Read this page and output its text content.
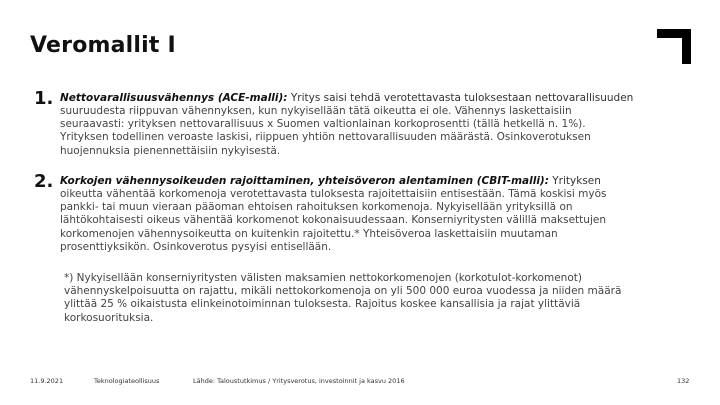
Veromallit I
1. Nettovarallisuusvähennys (ACE-malli): Yritys saisi tehdä verotettavasta tuloksestaan nettovarallisuuden
suuruudesta riippuvan vähennyksen, kun nykyisellään tätä oikeutta ei ole. Vähennys laskettaisiin
seuraavasti: yrityksen nettovarallisuus x Suomen valtionlainan korkoprosentti (tällä hetkellä n. 1%).
Yrityksen todellinen veroaste laskisi, riippuen yhtiön nettovarallisuuden määrästä. Osinkoverotuksen
huojennuksia pienennettäisiin nykyisestä.
2. Korkojen vähennysoikeuden rajoittaminen, yhteisöveron alentaminen (CBIT-malli): Yrityksen
oikeutta vähentää korkomenoja verotettavasta tuloksesta rajoitettaisiin entisestään. Tämä koskisi myös
pankki- tai muun vieraan pääoman ehtoisen rahoituksen korkomenoja. Nykyisellään yrityksillä on
lähtökohtaisesti oikeus vähentää korkomenot kokonaisuudessaan. Konserniyritysten välillä maksettujen
korkomenojen vähennysoikeutta on kuitenkin rajoitettu.* Yhteisöveroa laskettaisiin muutaman
prosenttiyksikön. Osinkoverotus pysyisi entisellään.
*) Nykyisellään konserniyritysten välisten maksamien nettokorkomenojen (korkotulot-korkomenot)
vähennyskelpoisuutta on rajattu, mikäli nettokorkomenoja on yli 500 000 euroa vuodessa ja niiden määrä
ylittää 25 % oikaistusta elinkeinotoiminnan tuloksesta. Rajoitus koskee kansallisia ja rajat ylittäviä
korkosuorituksia.
11.9.2021	Teknologiateollisuus	Lähde: Taloustutkimus / Yritysverotus, investoinnit ja kasvu 2016	132
